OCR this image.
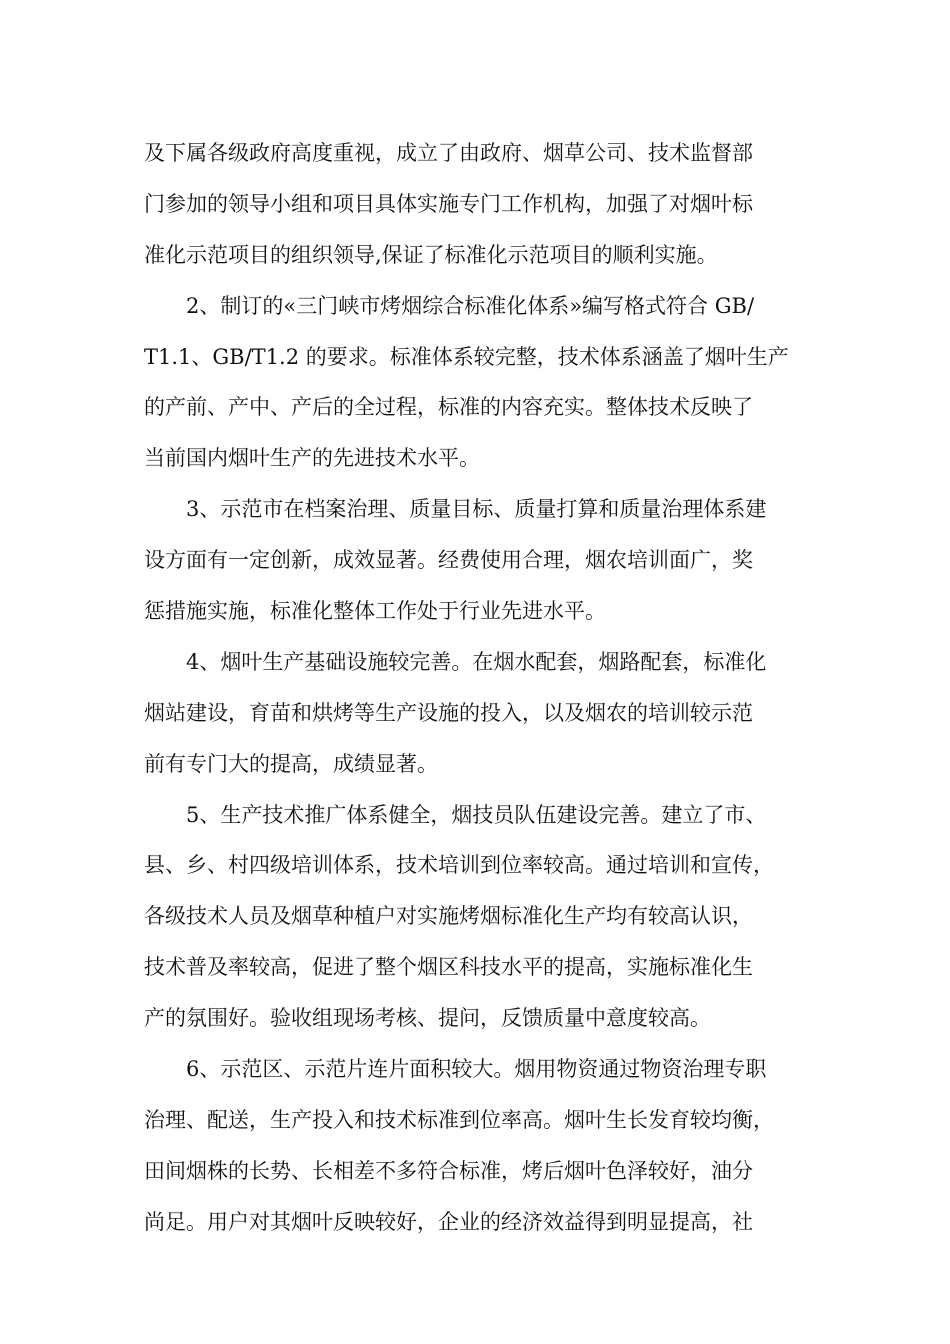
及下属各级政府高度重视，成立了由政府、烟草公司、技术监督部
门参加的领导小组和项目具体实施专门工作机构，加强了对烟叶标
准化示范项目的组织领导,保证了标准化示范项目的顺利实施。
2、制订的«三门峡市烤烟综合标准化体系»编写格式符合 GB/
T1.1、GB/T1.2 的要求。标准体系较完整，技术体系涵盖了烟叶生产
的产前、产中、产后的全过程，标准的内容充实。整体技术反映了
当前国内烟叶生产的先进技术水平。
3、示范市在档案治理、质量目标、质量打算和质量治理体系建
设方面有一定创新，成效显著。经费使用合理，烟农培训面广，奖
惩措施实施，标准化整体工作处于行业先进水平。
4、烟叶生产基础设施较完善。在烟水配套，烟路配套，标准化
烟站建设，育苗和烘烤等生产设施的投入，以及烟农的培训较示范
前有专门大的提高，成绩显著。
5、生产技术推广体系健全，烟技员队伍建设完善。建立了市、
县、乡、村四级培训体系，技术培训到位率较高。通过培训和宣传，
各级技术人员及烟草种植户对实施烤烟标准化生产均有较高认识，
技术普及率较高，促进了整个烟区科技水平的提高，实施标准化生
产的氛围好。验收组现场考核、提问，反馈质量中意度较高。
6、示范区、示范片连片面积较大。烟用物资通过物资治理专职
治理、配送，生产投入和技术标准到位率高。烟叶生长发育较均衡，
田间烟株的长势、长相差不多符合标准，烤后烟叶色泽较好，油分
尚足。用户对其烟叶反映较好，企业的经济效益得到明显提高，社
